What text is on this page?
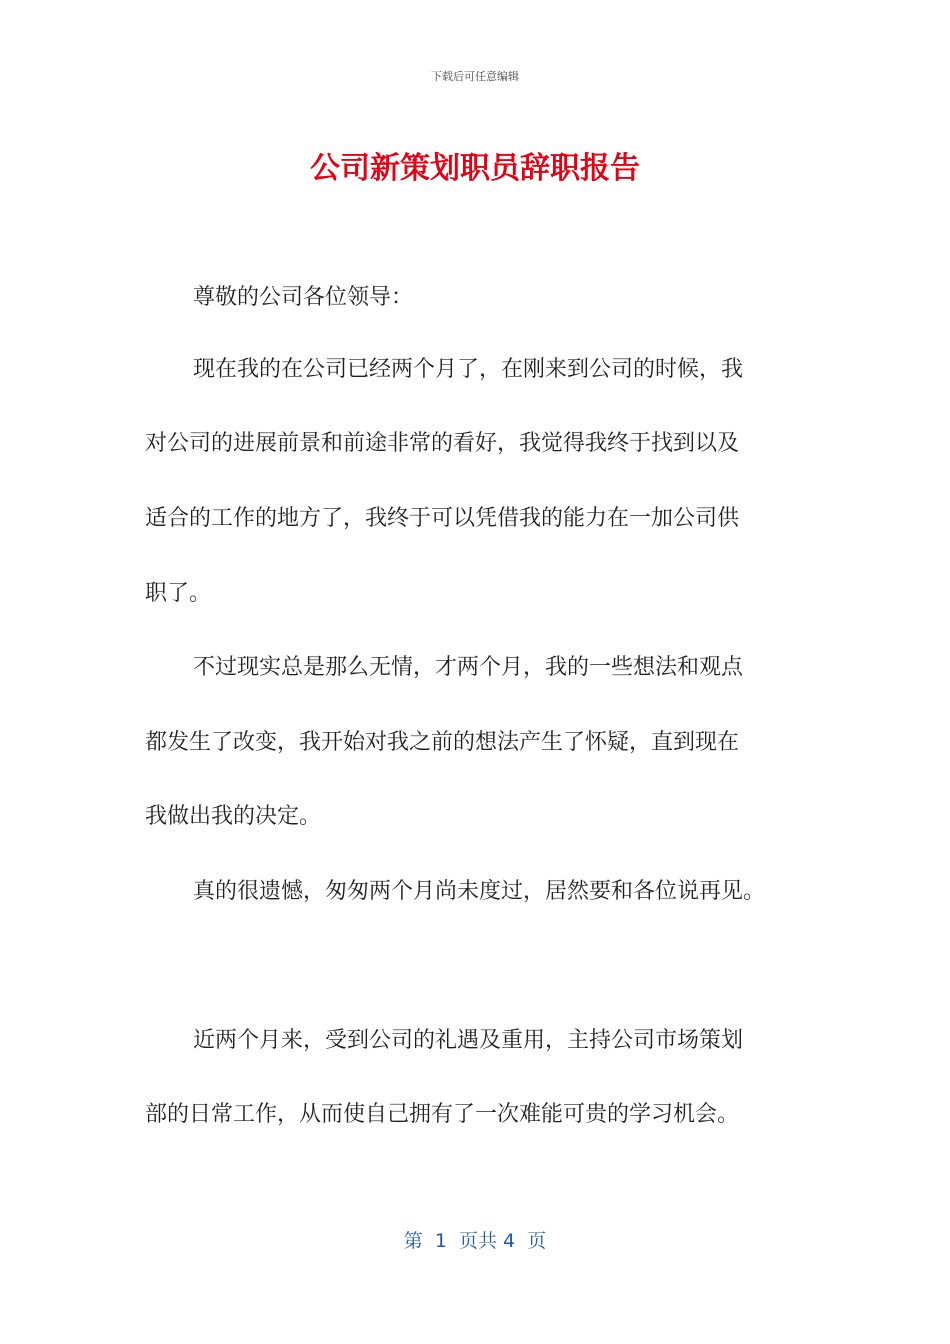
下载后可任意编辑
公司新策划职员辞职报告
尊敬的公司各位领导：
现在我的在公司已经两个月了，在刚来到公司的时候，我
对公司的进展前景和前途非常的看好，我觉得我终于找到以及
适合的工作的地方了，我终于可以凭借我的能力在一加公司供
职了。
不过现实总是那么无情，才两个月，我的一些想法和观点
都发生了改变，我开始对我之前的想法产生了怀疑，直到现在
我做出我的决定。
真的很遗憾，匆匆两个月尚未度过，居然要和各位说再见。
近两个月来，受到公司的礼遇及重用，主持公司市场策划
部的日常工作，从而使自己拥有了一次难能可贵的学习机会。
第  1  页共 4  页
